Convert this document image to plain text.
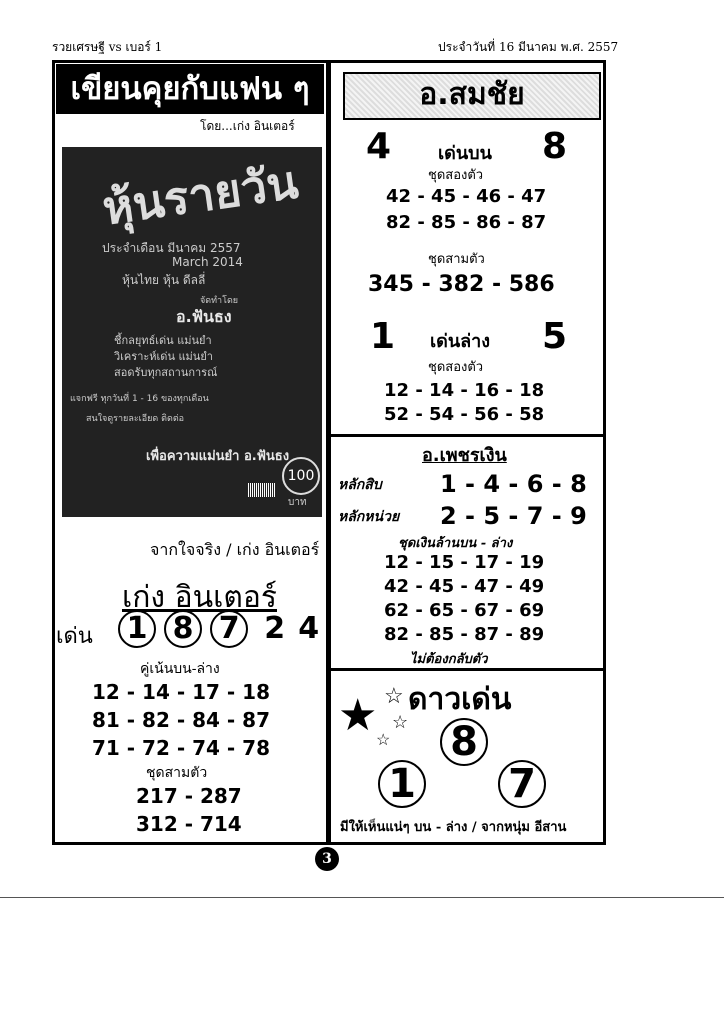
รวยเศรษฐี vs เบอร์ 1	ประจำวันที่ 16 มีนาคม พ.ศ. 2557
เขียนคุยกับแฟน ๆ
โดย...เก่ง อินเตอร์
หุ้นรายวัน
ประจำเดือน มีนาคม 2557
March 2014
หุ้นไทย หุ้น ดีลลี่
จัดทำโดย
อ.ฟันธง
ชี้กลยุทธ์เด่น แม่นยำ
วิเคราะห์เด่น แม่นยำ
สอดรับทุกสถานการณ์
แจกฟรี ทุกวันที่ 1 - 16 ของทุกเดือน
สนใจดูรายละเอียด ติดต่อ
เพื่อความแม่นยำ อ.ฟันธง
100
บาท
จากใจจริง / เก่ง อินเตอร์
เก่ง อินเตอร์
เด่น 1 8 7 2 4
คู่เน้นบน-ล่าง
12 - 14 - 17 - 18
81 - 82 - 84 - 87
71 - 72 - 74 - 78
ชุดสามตัว
217 - 287
312 - 714
อ.สมชัย
4	เด่นบน 8
ชุดสองตัว
42 - 45 - 46 - 47
82 - 85 - 86 - 87
ชุดสามตัว
345 - 382 - 586
1 เด่นล่าง 5
ชุดสองตัว
12 - 14 - 16 - 18
52 - 54 - 56 - 58
อ.เพชรเงิน
หลักสิบ 1 - 4 - 6 - 8
หลักหน่วย 2 - 5 - 7 - 9
ชุดเงินล้านบน - ล่าง
12 - 15 - 17 - 19
42 - 45 - 47 - 49
62 - 65 - 67 - 69
82 - 85 - 87 - 89
ไม่ต้องกลับตัว
★ ☆
☆
☆
ดาวเด่น
8
1 7
มีให้เห็นแน่ๆ บน - ล่าง / จากหนุ่ม อีสาน
3
